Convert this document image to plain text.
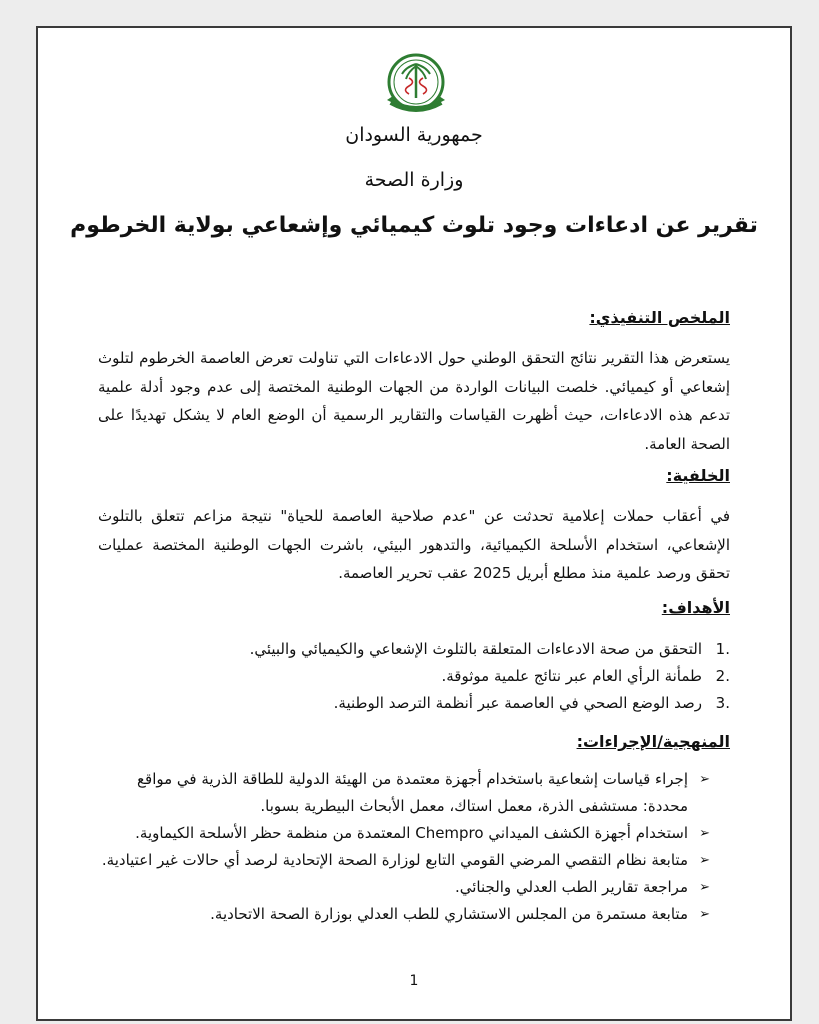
جمهورية السودان
وزارة الصحة
تقرير عن ادعاءات وجود تلوث كيميائي وإشعاعي بولاية الخرطوم
الملخص التنفيذي:

يستعرض هذا التقرير نتائج التحقق الوطني حول الادعاءات التي تناولت تعرض العاصمة الخرطوم لتلوث إشعاعي أو كيميائي. خلصت البيانات الواردة من الجهات الوطنية المختصة إلى عدم وجود أدلة علمية تدعم هذه الادعاءات، حيث أظهرت القياسات والتقارير الرسمية أن الوضع العام لا يشكل تهديدًا على الصحة العامة.

الخلفية:

في أعقاب حملات إعلامية تحدثت عن "عدم صلاحية العاصمة للحياة" نتيجة مزاعم تتعلق بالتلوث الإشعاعي، استخدام الأسلحة الكيميائية، والتدهور البيئي، باشرت الجهات الوطنية المختصة عمليات تحقق ورصد علمية منذ مطلع أبريل 2025 عقب تحرير العاصمة.

الأهداف:
.1التحقق من صحة الادعاءات المتعلقة بالتلوث الإشعاعي والكيميائي والبيئي.
.2طمأنة الرأي العام عبر نتائج علمية موثوقة.
.3رصد الوضع الصحي في العاصمة عبر أنظمة الترصد الوطنية.
المنهجية/الإجراءات:
➢
إجراء قياسات إشعاعية باستخدام أجهزة معتمدة من الهيئة الدولية للطاقة الذرية في مواقع محددة: مستشفى الذرة، معمل استاك، معمل الأبحاث البيطرية بسوبا.
➢
استخدام أجهزة الكشف الميداني Chempro المعتمدة من منظمة حظر الأسلحة الكيماوية.
➢
متابعة نظام التقصي المرضي القومي التابع لوزارة الصحة الإتحادية لرصد أي حالات غير اعتيادية.
➢
مراجعة تقارير الطب العدلي والجنائي.
➢
متابعة مستمرة من المجلس الاستشاري للطب العدلي بوزارة الصحة الاتحادية.

1
